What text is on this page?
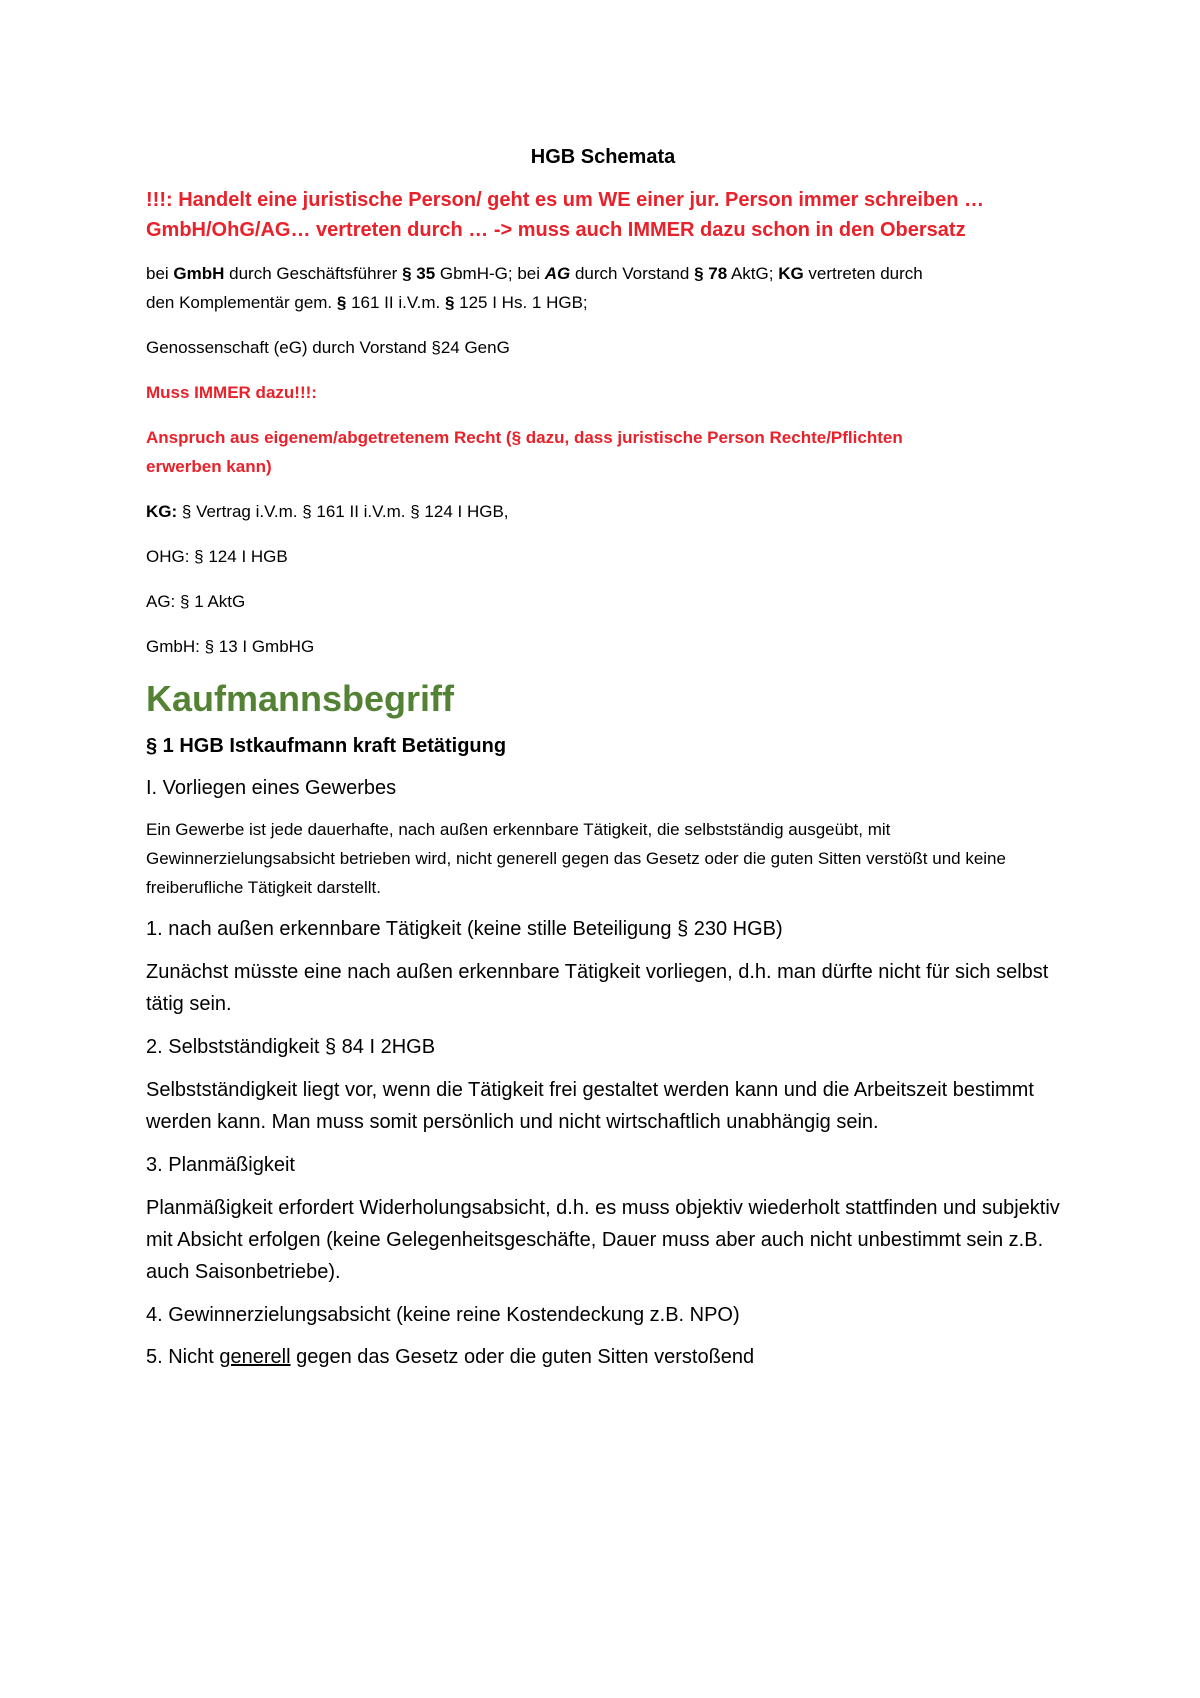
HGB Schemata
!!!: Handelt eine juristische Person/ geht es um WE einer jur. Person immer schreiben …
GmbH/OhG/AG… vertreten durch … -> muss auch IMMER dazu schon in den Obersatz
bei GmbH durch Geschäftsführer § 35 GbmH-G; bei AG durch Vorstand § 78 AktG; KG vertreten durch
den Komplementär gem. § 161 II i.V.m. § 125 I Hs. 1 HGB;
Genossenschaft (eG) durch Vorstand §24 GenG
Muss IMMER dazu!!!:
Anspruch aus eigenem/abgetretenem Recht (§ dazu, dass juristische Person Rechte/Pflichten
erwerben kann)
KG: § Vertrag i.V.m. § 161 II i.V.m. § 124 I HGB,
OHG: § 124 I HGB
AG: § 1 AktG
GmbH: § 13 I GmbHG
Kaufmannsbegriff
§ 1 HGB Istkaufmann kraft Betätigung
I. Vorliegen eines Gewerbes
Ein Gewerbe ist jede dauerhafte, nach außen erkennbare Tätigkeit, die selbstständig ausgeübt, mit Gewinnerzielungsabsicht betrieben wird, nicht generell gegen das Gesetz oder die guten Sitten verstößt und keine freiberufliche Tätigkeit darstellt.
1. nach außen erkennbare Tätigkeit (keine stille Beteiligung § 230 HGB)
Zunächst müsste eine nach außen erkennbare Tätigkeit vorliegen, d.h. man dürfte nicht für sich selbst tätig sein.
2. Selbstständigkeit § 84 I 2HGB
Selbstständigkeit liegt vor, wenn die Tätigkeit frei gestaltet werden kann und die Arbeitszeit bestimmt werden kann. Man muss somit persönlich und nicht wirtschaftlich unabhängig sein.
3. Planmäßigkeit
Planmäßigkeit erfordert Widerholungsabsicht, d.h. es muss objektiv wiederholt stattfinden und subjektiv mit Absicht erfolgen (keine Gelegenheitsgeschäfte, Dauer muss aber auch nicht unbestimmt sein z.B. auch Saisonbetriebe).
4. Gewinnerzielungsabsicht (keine reine Kostendeckung z.B. NPO)
5. Nicht generell gegen das Gesetz oder die guten Sitten verstoßend
